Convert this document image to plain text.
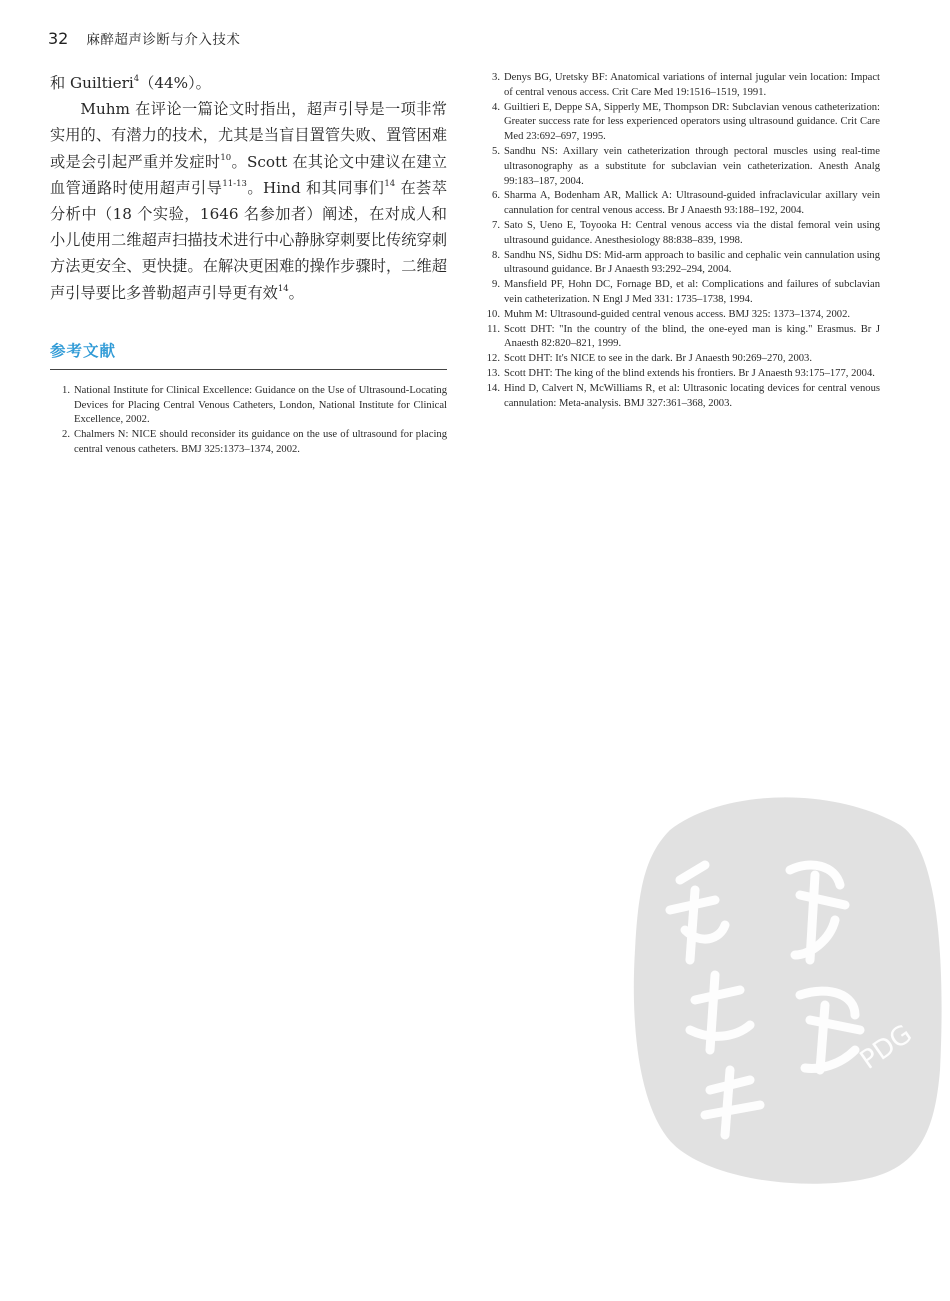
32 麻醉超声诊断与介入技术

和 Guiltieri$^4$（44%）。

Muhm 在评论一篇论文时指出，超声引导是一项非常实用的、有潜力的技术，尤其是当盲目置管失败、置管困难或是会引起严重并发症时$^{10}$。Scott 在其论文中建议在建立血管通路时使用超声引导$^{11-13}$。Hind 和其同事们$^{14}$ 在荟萃分析中（18 个实验，1646 名参加者）阐述，在对成人和小儿使用二维超声扫描技术进行中心静脉穿刺要比传统穿刺方法更安全、更快捷。在解决更困难的操作步骤时，二维超声引导要比多普勒超声引导更有效$^{14}$。

参考文献
1. National Institute for Clinical Excellence: Guidance on the Use of Ultrasound-Locating Devices for Placing Central Venous Catheters, London, National Institute for Clinical Excellence, 2002.
2. Chalmers N: NICE should reconsider its guidance on the use of ultrasound for placing central venous catheters. BMJ 325:1373–1374, 2002.
3. Denys BG, Uretsky BF: Anatomical variations of internal jugular vein location: Impact of central venous access. Crit Care Med 19:1516–1519, 1991.
4. Guiltieri E, Deppe SA, Sipperly ME, Thompson DR: Subclavian venous catheterization: Greater success rate for less experienced operators using ultrasound guidance. Crit Care Med 23:692–697, 1995.
5. Sandhu NS: Axillary vein catheterization through pectoral muscles using real-time ultrasonography as a substitute for subclavian vein catheterization. Anesth Analg 99:183–187, 2004.
6. Sharma A, Bodenham AR, Mallick A: Ultrasound-guided infraclavicular axillary vein cannulation for central venous access. Br J Anaesth 93:188–192, 2004.
7. Sato S, Ueno E, Toyooka H: Central venous access via the distal femoral vein using ultrasound guidance. Anesthesiology 88:838–839, 1998.
8. Sandhu NS, Sidhu DS: Mid-arm approach to basilic and cephalic vein cannulation using ultrasound guidance. Br J Anaesth 93:292–294, 2004.
9. Mansfield PF, Hohn DC, Fornage BD, et al: Complications and failures of subclavian vein catheterization. N Engl J Med 331: 1735–1738, 1994.
10. Muhm M: Ultrasound-guided central venous access. BMJ 325: 1373–1374, 2002.
11. Scott DHT: "In the country of the blind, the one-eyed man is king." Erasmus. Br J Anaesth 82:820–821, 1999.
12. Scott DHT: It's NICE to see in the dark. Br J Anaesth 90:269–270, 2003.
13. Scott DHT: The king of the blind extends his frontiers. Br J Anaesth 93:175–177, 2004.
14. Hind D, Calvert N, McWilliams R, et al: Ultrasonic locating devices for central venous cannulation: Meta-analysis. BMJ 327:361–368, 2003.
PDG
